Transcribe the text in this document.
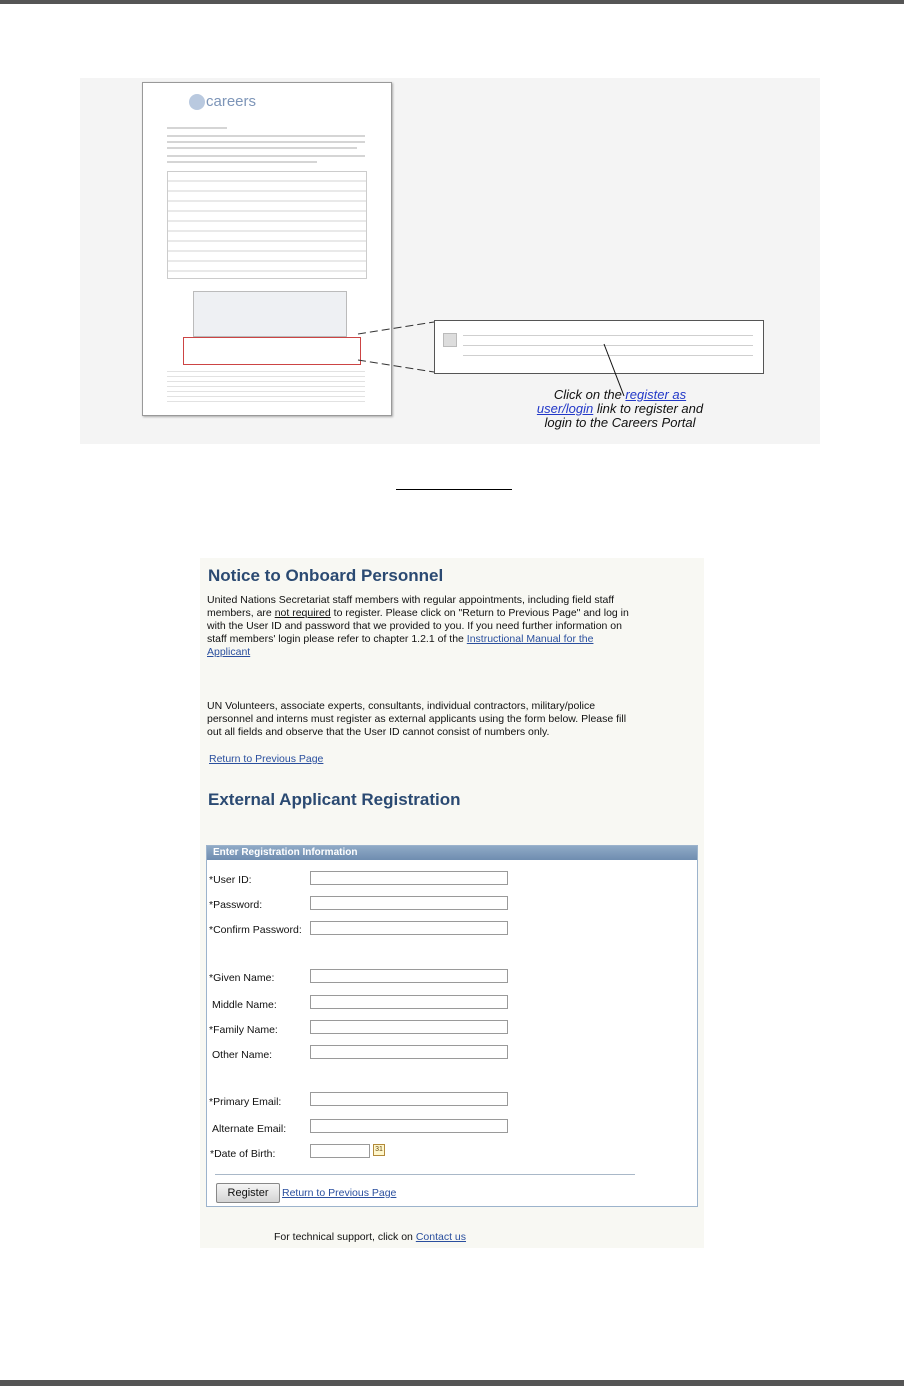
careers
Click on the register as user/login link to register and login to the Careers Portal
Notice to Onboard Personnel
United Nations Secretariat staff members with regular appointments, including field staff members, are not required to register. Please click on "Return to Previous Page" and log in with the User ID and password that we provided to you. If you need further information on staff members' login please refer to chapter 1.2.1 of the Instructional Manual for the Applicant
UN Volunteers, associate experts, consultants, individual contractors, military/police personnel and interns must register as external applicants using the form below. Please fill out all fields and observe that the User ID cannot consist of numbers only.
Return to Previous Page
External Applicant Registration
Enter Registration Information
*User ID:
*Password:
*Confirm Password:
*Given Name:
Middle Name:
*Family Name:
Other Name:
*Primary Email:
Alternate Email:
*Date of Birth:	31
Register	Return to Previous Page
For technical support, click on Contact us
